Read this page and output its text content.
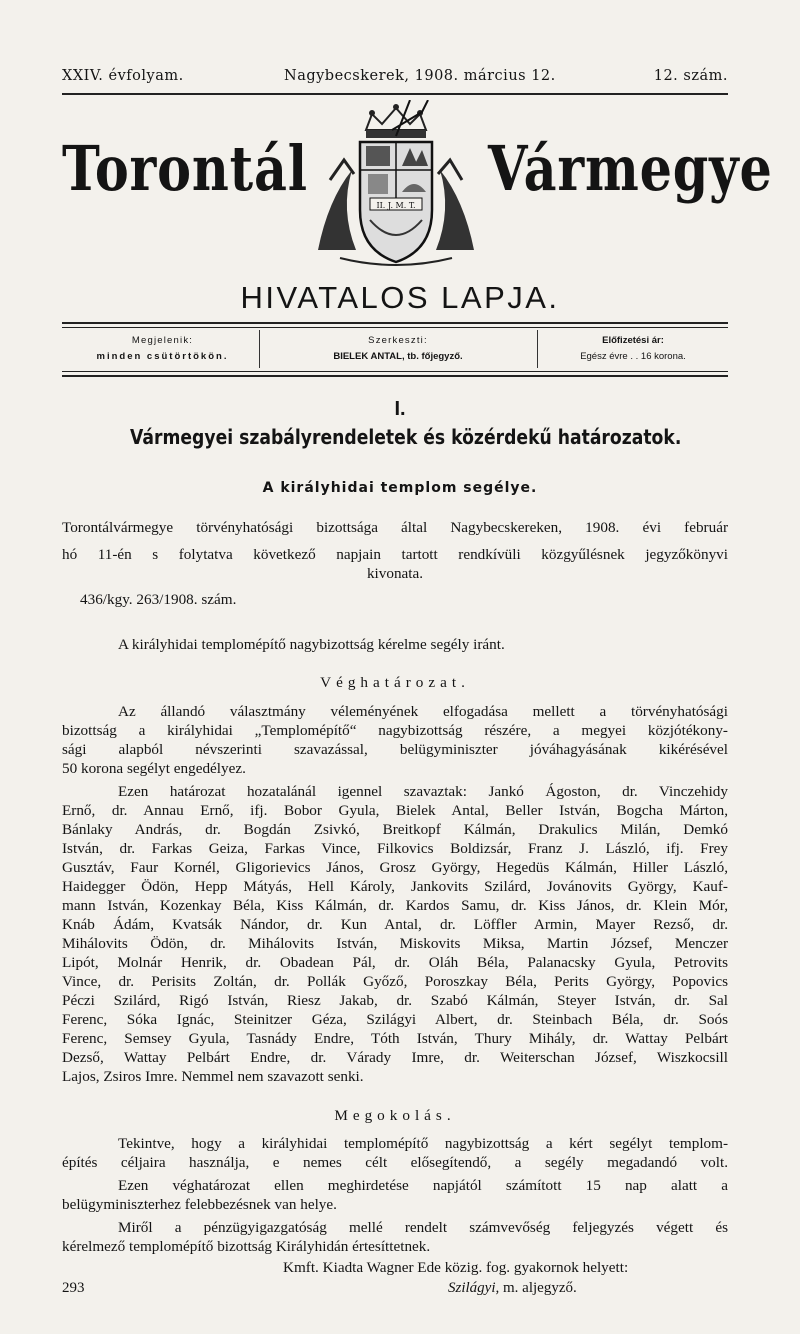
XXIV. évfolyam.	Nagybecskerek, 1908. március 12.	12. szám.
Torontál	Vármegye
II. J. M. T.
HIVATALOS LAPJA.
Megjelenik:
minden csütörtökön.
Szerkeszti:
BIELEK ANTAL, tb. főjegyző.
Előfizetési ár:
Egész évre . . 16 korona.
I.
Vármegyei szabályrendeletek és közérdekű határozatok.
A királyhidai templom segélye.
Torontálvármegye törvényhatósági bizottsága által Nagybecskereken, 1908. évi február
hó 11-én s folytatva következő napjain tartott rendkívüli közgyűlésnek jegyzőkönyvi
kivonata.
436/kgy. 263/1908. szám.
A királyhidai templomépítő nagybizottság kérelme segély iránt.
Véghatározat.
Az állandó választmány véleményének elfogadása mellett a törvényhatósági
bizottság a királyhidai „Templomépítő“ nagybizottság részére, a megyei közjótékony-
sági alapból névszerinti szavazással, belügyminiszter jóváhagyásának kikérésével
50 korona segélyt engedélyez.
Ezen határozat hozatalánál igennel szavaztak: Jankó Ágoston, dr. Vinczehidy
Ernő, dr. Annau Ernő, ifj. Bobor Gyula, Bielek Antal, Beller István, Bogcha Márton,
Bánlaky András, dr. Bogdán Zsivkó, Breitkopf Kálmán, Drakulics Milán, Demkó
István, dr. Farkas Geiza, Farkas Vince, Filkovics Boldizsár, Franz J. László, ifj. Frey
Gusztáv, Faur Kornél, Gligorievics János, Grosz György, Hegedüs Kálmán, Hiller László,
Haidegger Ödön, Hepp Mátyás, Hell Károly, Jankovits Szilárd, Jovánovits György, Kauf-
mann István, Kozenkay Béla, Kiss Kálmán, dr. Kardos Samu, dr. Kiss János, dr. Klein Mór,
Knáb Ádám, Kvatsák Nándor, dr. Kun Antal, dr. Löffler Armin, Mayer Rezső, dr.
Mihálovits Ödön, dr. Mihálovits István, Miskovits Miksa, Martin József, Menczer
Lipót, Molnár Henrik, dr. Obadean Pál, dr. Oláh Béla, Palanacsky Gyula, Petrovits
Vince, dr. Perisits Zoltán, dr. Pollák Győző, Poroszkay Béla, Perits György, Popovics
Péczi Szilárd, Rigó István, Riesz Jakab, dr. Szabó Kálmán, Steyer István, dr. Sal
Ferenc, Sóka Ignác, Steinitzer Géza, Szilágyi Albert, dr. Steinbach Béla, dr. Soós
Ferenc, Semsey Gyula, Tasnády Endre, Tóth István, Thury Mihály, dr. Wattay Pelbárt
Dezső, Wattay Pelbárt Endre, dr. Várady Imre, dr. Weiterschan József, Wiszkocsill
Lajos, Zsiros Imre. Nemmel nem szavazott senki.
Megokolás.
Tekintve, hogy a királyhidai templomépítő nagybizottság a kért segélyt templom-
építés céljaira használja, e nemes célt elősegítendő, a segély megadandó volt.
Ezen véghatározat ellen meghirdetése napjától számított 15 nap alatt a
belügyminiszterhez felebbezésnek van helye.
Miről a pénzügyigazgatóság mellé rendelt számvevőség feljegyzés végett és
kérelmező templomépítő bizottság Királyhidán értesíttetnek.
Kmft. Kiadta Wagner Ede közig. fog. gyakornok helyett:
293	Szilágyi, m. aljegyző.
